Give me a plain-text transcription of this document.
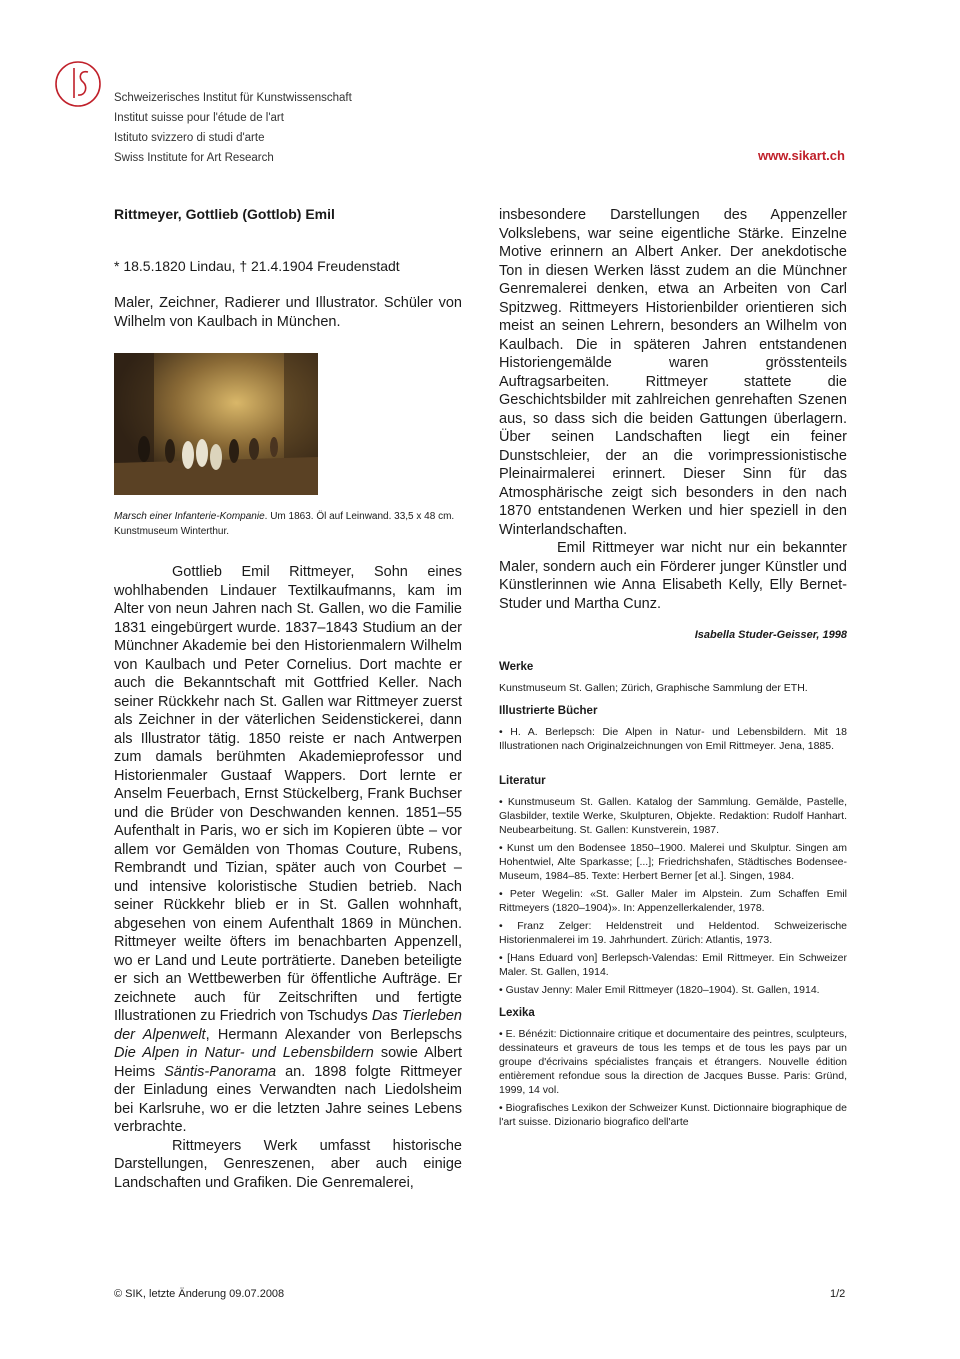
Schweizerisches Institut für Kunstwissenschaft
Institut suisse pour l'étude de l'art
Istituto svizzero di studi d'arte
Swiss Institute for Art Research	www.sikart.ch
Rittmeyer, Gottlieb (Gottlob) Emil
* 18.5.1820 Lindau, † 21.4.1904 Freudenstadt

Maler, Zeichner, Radierer und Illustrator. Schüler von Wilhelm von Kaulbach in München.

Marsch einer Infanterie-Kompanie. Um 1863. Öl auf Leinwand. 33,5 x 48 cm. Kunstmuseum Winterthur.

Gottlieb Emil Rittmeyer, Sohn eines wohlhabenden Lindauer Textilkaufmanns, kam im Alter von neun Jahren nach St. Gallen, wo die Familie 1831 eingebürgert wurde. 1837–1843 Studium an der Münchner Akademie bei den Historienmalern Wilhelm von Kaulbach und Peter Cornelius. Dort machte er auch die Bekanntschaft mit Gottfried Keller. Nach seiner Rückkehr nach St. Gallen war Rittmeyer zuerst als Zeichner in der väterlichen Seidenstickerei, dann als Illustrator tätig. 1850 reiste er nach Antwerpen zum damals berühmten Akademieprofessor und Historienmaler Gustaaf Wappers. Dort lernte er Anselm Feuerbach, Ernst Stückelberg, Frank Buchser und die Brüder von Deschwanden kennen. 1851–55 Aufenthalt in Paris, wo er sich im Kopieren übte – vor allem vor Gemälden von Thomas Couture, Rubens, Rembrandt und Tizian, später auch von Courbet – und intensive koloristische Studien betrieb. Nach seiner Rückkehr blieb er in St. Gallen wohnhaft, abgesehen von einem Aufenthalt 1869 in München. Rittmeyer weilte öfters im benachbarten Appenzell, wo er Land und Leute porträtierte. Daneben beteiligte er sich an Wettbewerben für öffentliche Aufträge. Er zeichnete auch für Zeitschriften und fertigte Illustrationen zu Friedrich von Tschudys Das Tierleben der Alpenwelt, Hermann Alexander von Berlepschs Die Alpen in Natur- und Lebensbildern sowie Albert Heims Säntis-Panorama an. 1898 folgte Rittmeyer der Einladung eines Verwandten nach Liedolsheim bei Karlsruhe, wo er die letzten Jahre seines Lebens verbrachte.

Rittmeyers Werk umfasst historische Darstellungen, Genreszenen, aber auch einige Landschaften und Grafiken. Die Genremalerei,

insbesondere Darstellungen des Appenzeller Volkslebens, war seine eigentliche Stärke. Einzelne Motive erinnern an Albert Anker. Der anekdotische Ton in diesen Werken lässt zudem an die Münchner Genremalerei denken, etwa an Arbeiten von Carl Spitzweg. Rittmeyers Historienbilder orientieren sich meist an seinen Lehrern, besonders an Wilhelm von Kaulbach. Die in späteren Jahren entstandenen Historiengemälde waren grösstenteils Auftragsarbeiten. Rittmeyer stattete die Geschichtsbilder mit zahlreichen genrehaften Szenen aus, so dass sich die beiden Gattungen überlagern. Über seinen Landschaften liegt ein feiner Dunstschleier, der an die vorimpressionistische Pleinairmalerei erinnert. Dieser Sinn für das Atmosphärische zeigt sich besonders in den nach 1870 entstandenen Werken und hier speziell in den Winterlandschaften.

Emil Rittmeyer war nicht nur ein bekannter Maler, sondern auch ein Förderer junger Künstler und Künstlerinnen wie Anna Elisabeth Kelly, Elly Bernet-Studer und Martha Cunz.

Isabella Studer-Geisser, 1998
Werke

Kunstmuseum St. Gallen; Zürich, Graphische Sammlung der ETH.

Illustrierte Bücher

• H. A. Berlepsch: Die Alpen in Natur- und Lebensbildern. Mit 18 Illustrationen nach Originalzeichnungen von Emil Rittmeyer. Jena, 1885.

Literatur

• Kunstmuseum St. Gallen. Katalog der Sammlung. Gemälde, Pastelle, Glasbilder, textile Werke, Skulpturen, Objekte. Redaktion: Rudolf Hanhart. Neubearbeitung. St. Gallen: Kunstverein, 1987.

• Kunst um den Bodensee 1850–1900. Malerei und Skulptur. Singen am Hohentwiel, Alte Sparkasse; [...]; Friedrichshafen, Städtisches Bodensee-Museum, 1984–85. Texte: Herbert Berner [et al.]. Singen, 1984.

• Peter Wegelin: «St. Galler Maler im Alpstein. Zum Schaffen Emil Rittmeyers (1820–1904)». In: Appenzellerkalender, 1978.

• Franz Zelger: Heldenstreit und Heldentod. Schweizerische Historienmalerei im 19. Jahrhundert. Zürich: Atlantis, 1973.

• [Hans Eduard von] Berlepsch-Valendas: Emil Rittmeyer. Ein Schweizer Maler. St. Gallen, 1914.

• Gustav Jenny: Maler Emil Rittmeyer (1820–1904). St. Gallen, 1914.

Lexika

• E. Bénézit: Dictionnaire critique et documentaire des peintres, sculpteurs, dessinateurs et graveurs de tous les temps et de tous les pays par un groupe d'écrivains spécialistes français et étrangers. Nouvelle édition entièrement refondue sous la direction de Jacques Busse. Paris: Gründ, 1999, 14 vol.

• Biografisches Lexikon der Schweizer Kunst. Dictionnaire biographique de l'art suisse. Dizionario biografico dell'arte

© SIK, letzte Änderung 09.07.2008	1/2
